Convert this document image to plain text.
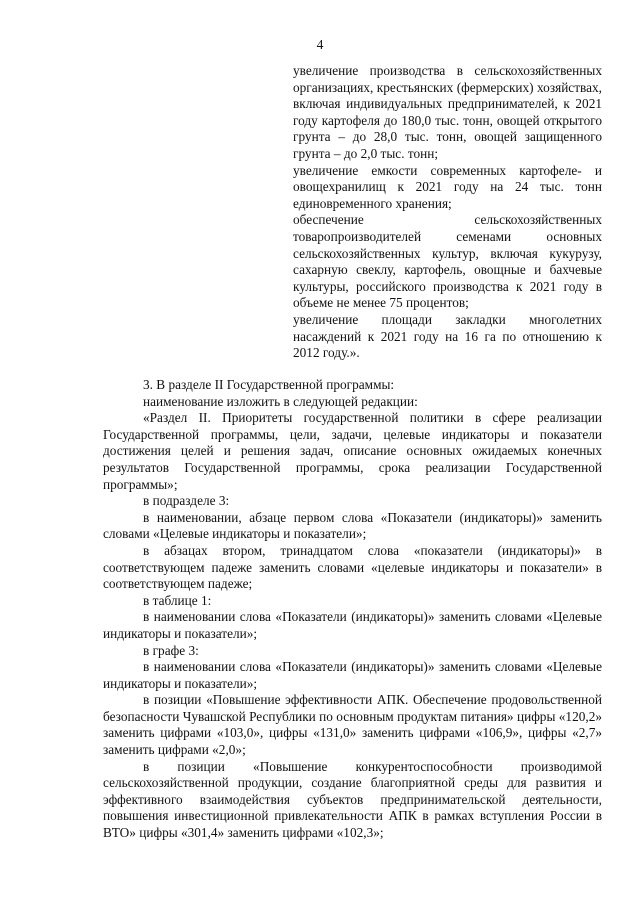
4

увеличение производства в сельскохозяйственных организациях, крестьянских (фермерских) хозяйствах, включая индивидуальных предпринимателей, к 2021 году картофеля до 180,0 тыс. тонн, овощей открытого грунта – до 28,0 тыс. тонн, овощей защищенного грунта – до 2,0 тыс. тонн;

увеличение емкости современных картофеле- и овощехранилищ к 2021 году на 24 тыс. тонн единовременного хранения;

обеспечение сельскохозяйственных товаропроизводителей семенами основных сельскохозяйственных культур, включая кукурузу, сахарную свеклу, картофель, овощные и бахчевые культуры, российского производства к 2021 году в объеме не менее 75 процентов;

увеличение площади закладки многолетних насаждений к 2021 году на 16 га по отношению к 2012 году.».

3. В разделе II Государственной программы:

наименование изложить в следующей редакции:

«Раздел II. Приоритеты государственной политики в сфере реализации Государственной программы, цели, задачи, целевые индикаторы и показатели достижения целей и решения задач, описание основных ожидаемых конечных результатов Государственной программы, срока реализации Государственной программы»;

в подразделе 3:

в наименовании, абзаце первом слова «Показатели (индикаторы)» заменить словами «Целевые индикаторы и показатели»;

в абзацах втором, тринадцатом слова «показатели (индикаторы)» в соответствующем падеже заменить словами «целевые индикаторы и показатели» в соответствующем падеже;

в таблице 1:

в наименовании слова «Показатели (индикаторы)» заменить словами «Целевые индикаторы и показатели»;

в графе 3:

в наименовании слова «Показатели (индикаторы)» заменить словами «Целевые индикаторы и показатели»;

в позиции «Повышение эффективности АПК. Обеспечение продовольственной безопасности Чувашской Республики по основным продуктам питания» цифры «120,2» заменить цифрами «103,0», цифры «131,0» заменить цифрами «106,9», цифры «2,7» заменить цифрами «2,0»;

в позиции «Повышение конкурентоспособности производимой сельскохозяйственной продукции, создание благоприятной среды для развития и эффективного взаимодействия субъектов предпринимательской деятельности, повышения инвестиционной привлекательности АПК в рамках вступления России в ВТО» цифры «301,4» заменить цифрами «102,3»;
